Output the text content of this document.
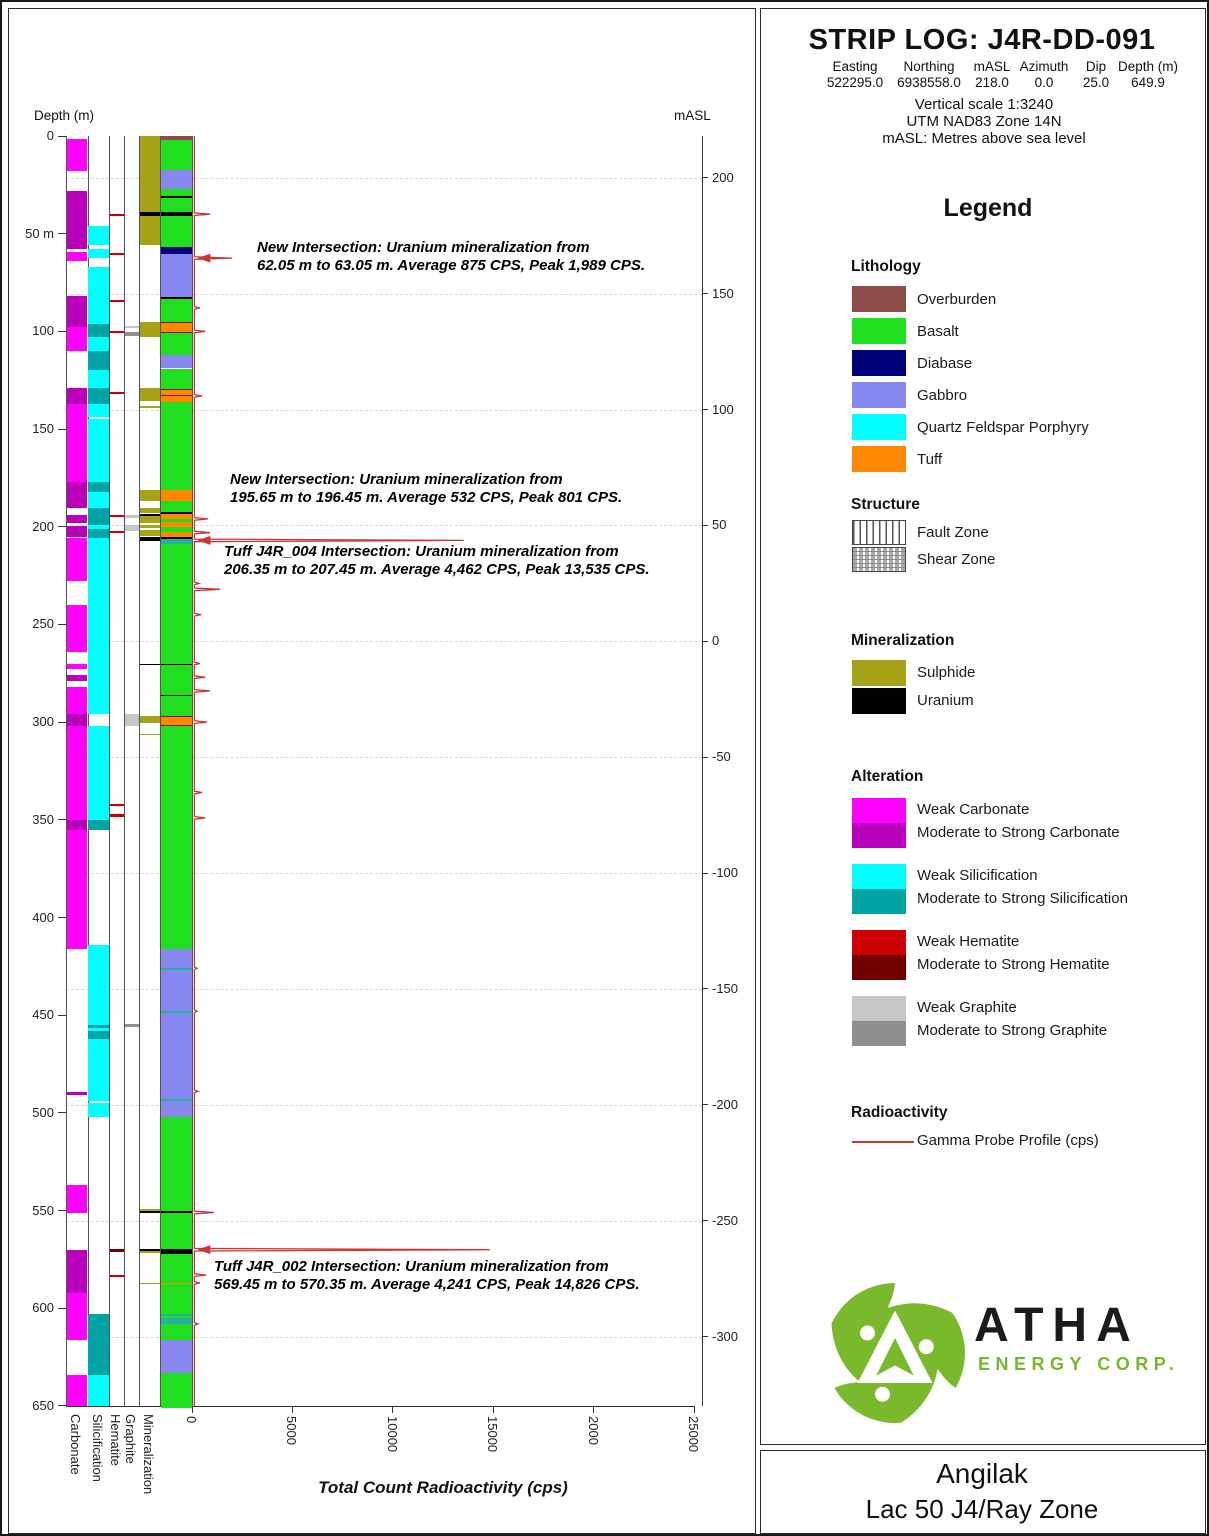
Depth (m)	mASL
Total Count Radioactivity (cps)
200
150
100
50
0
-50
-100
-150
-200
-250
-300
0
50 m
100
150
200
250
300
350
400
450
500
550
600
650
0	5000	10000	15000	2000	25000
Carbonate Silicification Hematite Graphite Mineralization
New Intersection: Uranium mineralization from
62.05 m to 63.05 m. Average 875 CPS, Peak 1,989 CPS.
New Intersection: Uranium mineralization from
195.65 m to 196.45 m. Average 532 CPS, Peak 801 CPS.
Tuff J4R_004 Intersection: Uranium mineralization from
206.35 m to 207.45 m. Average 4,462 CPS, Peak 13,535 CPS.
Tuff J4R_002 Intersection: Uranium mineralization from
569.45 m to 570.35 m. Average 4,241 CPS, Peak 14,826 CPS.
STRIP LOG: J4R-DD-091
Easting
522295.0
Northing
6938558.0
mASL
218.0
Azimuth
0.0
Dip
25.0
Depth (m)
649.9
Vertical scale 1:3240
UTM NAD83 Zone 14N
mASL: Metres above sea level
Legend
Lithology
Overburden
Basalt
Diabase
Gabbro
Quartz Feldspar Porphyry
Tuff
Structure
Fault Zone
Shear Zone
Mineralization
Sulphide
Uranium
Alteration
Weak Carbonate
Moderate to Strong Carbonate
Weak Silicification
Moderate to Strong Silicification
Weak Hematite
Moderate to Strong Hematite
Weak Graphite
Moderate to Strong Graphite
Radioactivity
Gamma Probe Profile (cps)
ATHA
ENERGY CORP.
Angilak
Lac 50 J4/Ray Zone
